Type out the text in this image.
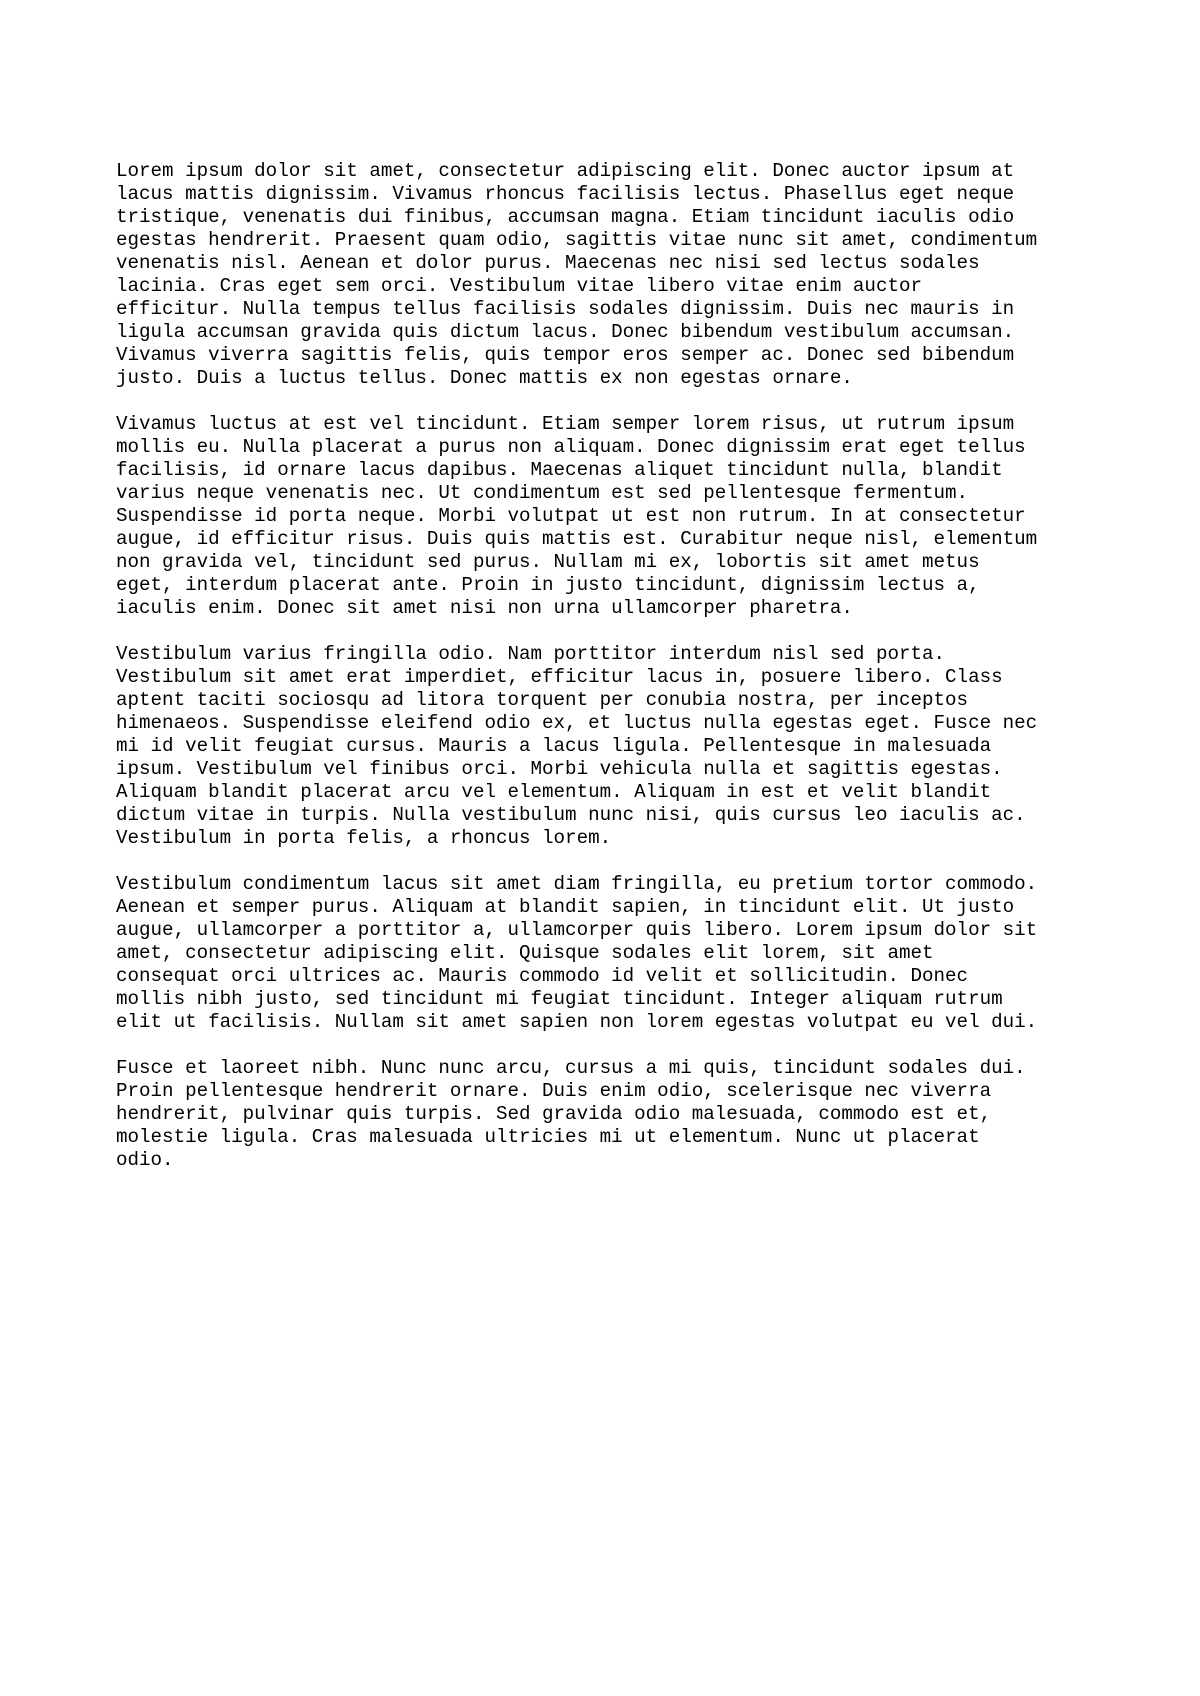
Lorem ipsum dolor sit amet, consectetur adipiscing elit. Donec auctor ipsum at
lacus mattis dignissim. Vivamus rhoncus facilisis lectus. Phasellus eget neque
tristique, venenatis dui finibus, accumsan magna. Etiam tincidunt iaculis odio
egestas hendrerit. Praesent quam odio, sagittis vitae nunc sit amet, condimentum
venenatis nisl. Aenean et dolor purus. Maecenas nec nisi sed lectus sodales
lacinia. Cras eget sem orci. Vestibulum vitae libero vitae enim auctor
efficitur. Nulla tempus tellus facilisis sodales dignissim. Duis nec mauris in
ligula accumsan gravida quis dictum lacus. Donec bibendum vestibulum accumsan.
Vivamus viverra sagittis felis, quis tempor eros semper ac. Donec sed bibendum
justo. Duis a luctus tellus. Donec mattis ex non egestas ornare.

Vivamus luctus at est vel tincidunt. Etiam semper lorem risus, ut rutrum ipsum
mollis eu. Nulla placerat a purus non aliquam. Donec dignissim erat eget tellus
facilisis, id ornare lacus dapibus. Maecenas aliquet tincidunt nulla, blandit
varius neque venenatis nec. Ut condimentum est sed pellentesque fermentum.
Suspendisse id porta neque. Morbi volutpat ut est non rutrum. In at consectetur
augue, id efficitur risus. Duis quis mattis est. Curabitur neque nisl, elementum
non gravida vel, tincidunt sed purus. Nullam mi ex, lobortis sit amet metus
eget, interdum placerat ante. Proin in justo tincidunt, dignissim lectus a,
iaculis enim. Donec sit amet nisi non urna ullamcorper pharetra.

Vestibulum varius fringilla odio. Nam porttitor interdum nisl sed porta.
Vestibulum sit amet erat imperdiet, efficitur lacus in, posuere libero. Class
aptent taciti sociosqu ad litora torquent per conubia nostra, per inceptos
himenaeos. Suspendisse eleifend odio ex, et luctus nulla egestas eget. Fusce nec
mi id velit feugiat cursus. Mauris a lacus ligula. Pellentesque in malesuada
ipsum. Vestibulum vel finibus orci. Morbi vehicula nulla et sagittis egestas.
Aliquam blandit placerat arcu vel elementum. Aliquam in est et velit blandit
dictum vitae in turpis. Nulla vestibulum nunc nisi, quis cursus leo iaculis ac.
Vestibulum in porta felis, a rhoncus lorem.

Vestibulum condimentum lacus sit amet diam fringilla, eu pretium tortor commodo.
Aenean et semper purus. Aliquam at blandit sapien, in tincidunt elit. Ut justo
augue, ullamcorper a porttitor a, ullamcorper quis libero. Lorem ipsum dolor sit
amet, consectetur adipiscing elit. Quisque sodales elit lorem, sit amet
consequat orci ultrices ac. Mauris commodo id velit et sollicitudin. Donec
mollis nibh justo, sed tincidunt mi feugiat tincidunt. Integer aliquam rutrum
elit ut facilisis. Nullam sit amet sapien non lorem egestas volutpat eu vel dui.

Fusce et laoreet nibh. Nunc nunc arcu, cursus a mi quis, tincidunt sodales dui.
Proin pellentesque hendrerit ornare. Duis enim odio, scelerisque nec viverra
hendrerit, pulvinar quis turpis. Sed gravida odio malesuada, commodo est et,
molestie ligula. Cras malesuada ultricies mi ut elementum. Nunc ut placerat
odio.
